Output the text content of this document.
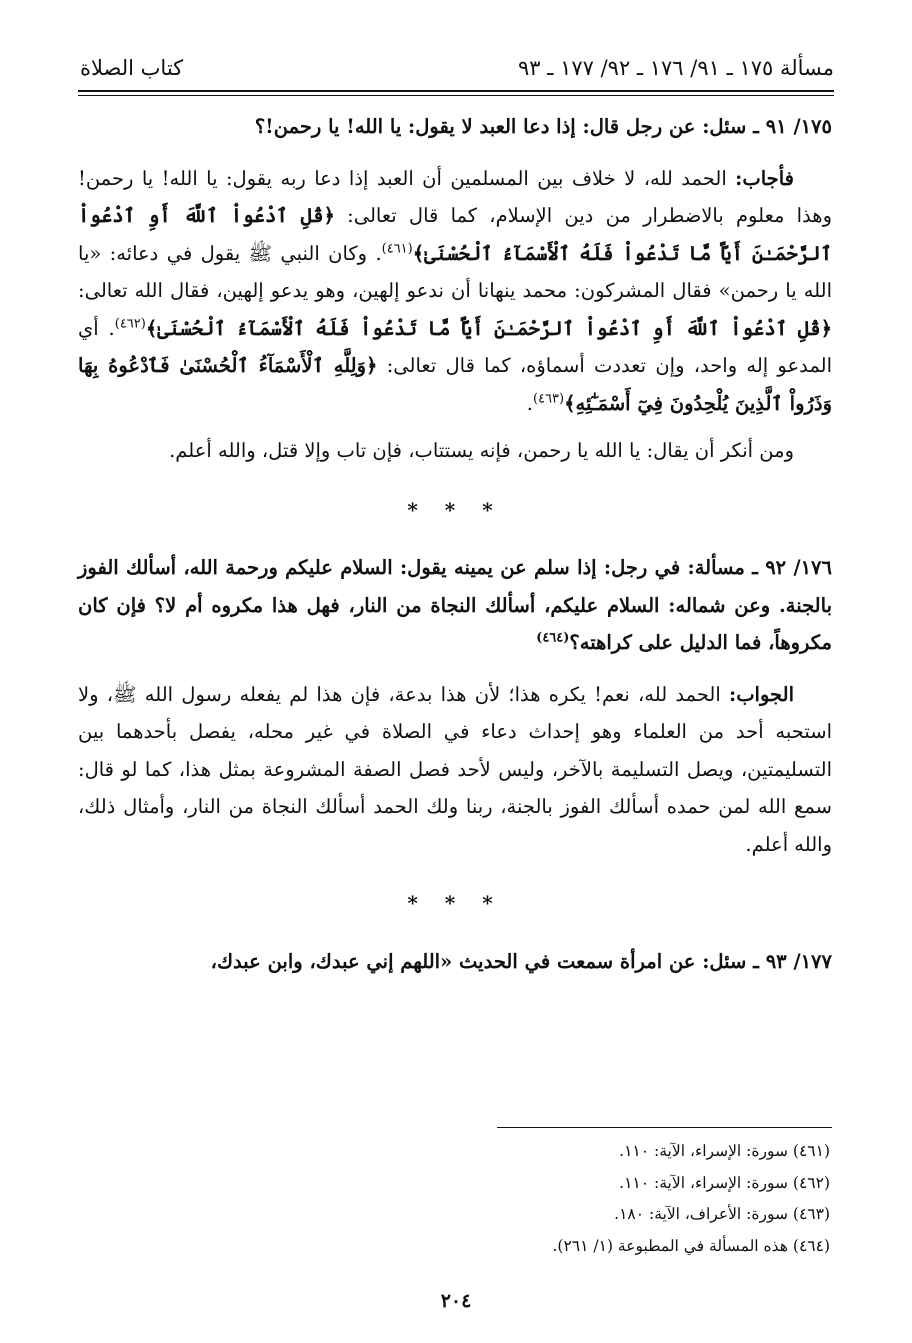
مسألة ١٧٥ ـ ٩١/ ١٧٦ ـ ٩٢/ ١٧٧ ـ ٩٣
كتاب الصلاة

١٧٥/ ٩١ ـ سئل: عن رجل قال: إذا دعا العبد لا يقول: يا الله! يا رحمن!؟

فأجاب: الحمد لله، لا خلاف بين المسلمين أن العبد إذا دعا ربه يقول: يا الله! يا رحمن! وهذا معلوم بالاضطرار من دين الإسلام، كما قال تعالى: ﴿قُلِ ٱدْعُواْ ٱللَّهَ أَوِ ٱدْعُواْ ٱلرَّحْمَـٰنَ أَيّاً مَّا تَدْعُواْ فَلَهُ ٱلْأَسْمَآءُ ٱلْحُسْنَىٰ﴾$^{(٤٦١)}$. وكان النبي ﷺ يقول في دعائه: «يا الله يا رحمن» فقال المشركون: محمد ينهانا أن ندعو إلهين، وهو يدعو إلهين، فقال الله تعالى: ﴿قُلِ ٱدْعُواْ ٱللَّهَ أَوِ ٱدْعُواْ ٱلرَّحْمَـٰنَ أَيّاً مَّا تَدْعُواْ فَلَهُ ٱلْأَسْمَآءُ ٱلْحُسْنَىٰ﴾$^{(٤٦٢)}$. أي المدعو إله واحد، وإن تعددت أسماؤه، كما قال تعالى: ﴿وَلِلَّهِ ٱلْأَسْمَآءُ ٱلْحُسْنَىٰ فَٱدْعُوهُ بِهَا وَذَرُواْ ٱلَّذِينَ يُلْحِدُونَ فِيٓ أَسْمَـٰٓئِهِ﴾$^{(٤٦٣)}$.

ومن أنكر أن يقال: يا الله يا رحمن، فإنه يستتاب، فإن تاب وإلا قتل، والله أعلم.

* * *

١٧٦/ ٩٢ ـ مسألة: في رجل: إذا سلم عن يمينه يقول: السلام عليكم ورحمة الله، أسألك الفوز بالجنة. وعن شماله: السلام عليكم، أسألك النجاة من النار، فهل هذا مكروه أم لا؟ فإن كان مكروهاً، فما الدليل على كراهته؟$^{(٤٦٤)}$

الجواب: الحمد لله، نعم! يكره هذا؛ لأن هذا بدعة، فإن هذا لم يفعله رسول الله ﷺ، ولا استحبه أحد من العلماء وهو إحداث دعاء في الصلاة في غير محله، يفصل بأحدهما بين التسليمتين، ويصل التسليمة بالآخر، وليس لأحد فصل الصفة المشروعة بمثل هذا، كما لو قال: سمع الله لمن حمده أسألك الفوز بالجنة، ربنا ولك الحمد أسألك النجاة من النار، وأمثال ذلك، والله أعلم.

* * *

١٧٧/ ٩٣ ـ سئل: عن امرأة سمعت في الحديث «اللهم إني عبدك، وابن عبدك،

(٤٦١) سورة: الإسراء، الآية: ١١٠.
(٤٦٢) سورة: الإسراء، الآية: ١١٠.
(٤٦٣) سورة: الأعراف، الآية: ١٨٠.
(٤٦٤) هذه المسألة في المطبوعة (١/ ٢٦١).
٢٠٤
